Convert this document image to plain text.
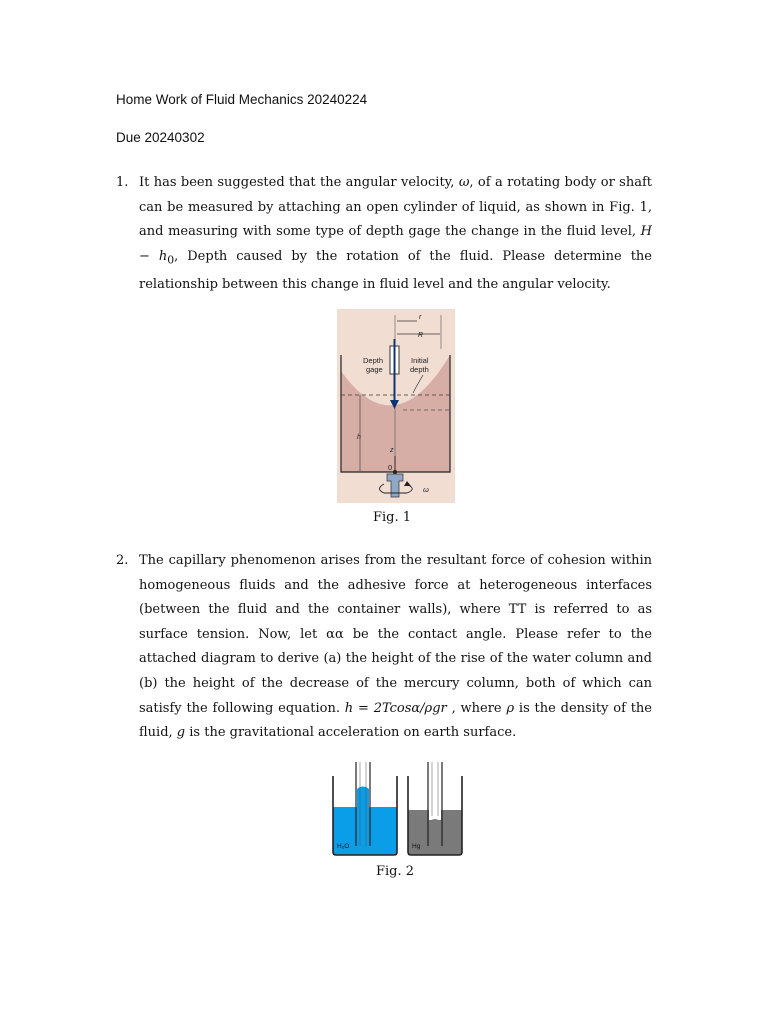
Home Work of Fluid Mechanics 20240224
Due 20240302
1. It has been suggested that the angular velocity, ω, of a rotating body or shaft can be measured by attaching an open cylinder of liquid, as shown in Fig. 1, and measuring with some type of depth gage the change in the fluid level, $H - h_0$, Depth caused by the rotation of the fluid. Please determine the relationship between this change in fluid level and the angular velocity.
r
R
Depth
gage
Initial
depth
h
z
0
ω
Fig. 1
2. The capillary phenomenon arises from the resultant force of cohesion within homogeneous fluids and the adhesive force at heterogeneous interfaces (between the fluid and the container walls), where TT is referred to as surface tension. Now, let αα be the contact angle. Please refer to the attached diagram to derive (a) the height of the rise of the water column and (b) the height of the decrease of the mercury column, both of which can satisfy the following equation. h = 2Tcosα/ρgr , where ρ is the density of the fluid, g is the gravitational acceleration on earth surface.
H₂O	Hg
Fig. 2
